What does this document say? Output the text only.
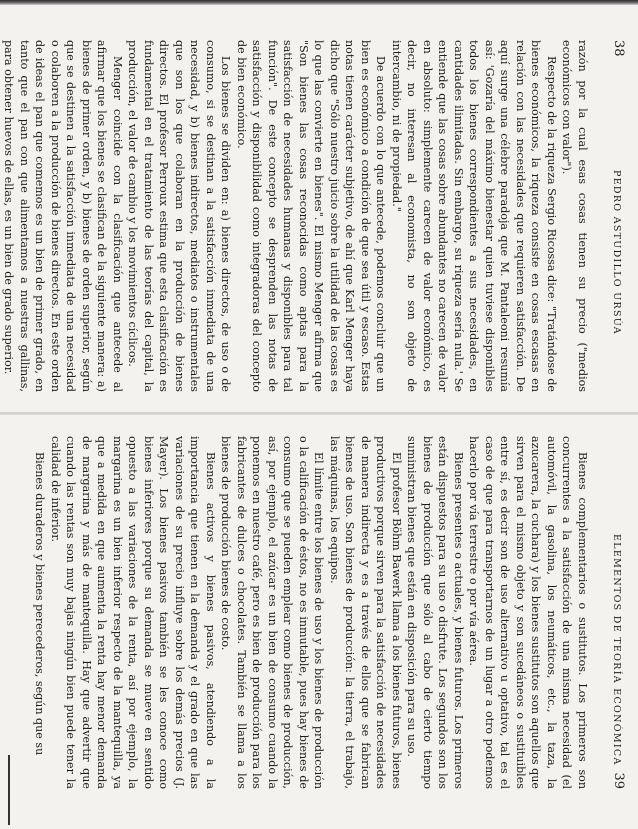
38
PEDRO ASTUDILLO URSÚA

razón por la cual esas cosas tienen su precio ("medios económicos con valor").

Respecto de la riqueza Sergio Ricossa dice: "Tratándose de bienes económicos, la riqueza consiste en cosas escasas en relación con las necesidades que requieren satisfacción. De aquí surge una célebre paradoja que M. Pantaleoni resumía así: 'Gozaría del máximo bienestar quien tuviese disponibles todos los bienes correspondientes a sus necesidades, en cantidades ilimitadas. Sin embargo, su riqueza sería nula.' Se entiende que las cosas sobre abundantes no carecen de valor en absoluto: simplemente carecen de valor económico, es decir, no interesan al economista, no son objeto de intercambio, ni de propiedad."

De acuerdo con lo que antecede, podemos concluir que un bien es económico a condición de que sea útil y escaso. Estas notas tienen carácter subjetivo, de ahí que Karl Menger haya dicho que "Sólo nuestro juicio sobre la utilidad de las cosas es lo que las convierte en bienes". El mismo Menger afirma que "Son bienes las cosas reconocidas como aptas para la satisfacción de necesidades humanas y disponibles para tal función". De este concepto se desprenden las notas de satisfacción y disponibilidad como integradoras del concepto de bien económico.

Los bienes se dividen en: a) bienes directos, de uso o de consumo, si se destinan a la satisfacción inmediata de una necesidad, y b) bienes indirectos, mediatos o instrumentales que son los que colaboran en la producción de bienes directos. El profesor Perroux estima que esta clasificación es fundamental en el tratamiento de las teorías del capital, la producción, el valor de cambio y los movimientos cíclicos.

Menger coincide con la clasificación que antecede al afirmar que los bienes se clasifican de la siguiente manera: a) bienes de primer orden, y b) bienes de orden superior, según que se destinen a la satisfacción inmediata de una necesidad o colaboren a la producción de bienes directos. En este orden de ideas el pan que comemos es un bien de primer grado, en tanto que el pan con que alimentamos a nuestras gallinas, para obtener huevos de ellas, es un bien de grado superior.

39
ELEMENTOS DE TEORÍA ECONÓMICA

Bienes complementarios o sustitutos. Los primeros son concurrentes a la satisfacción de una misma necesidad (el automóvil, la gasolina, los neumáticos, etc., la taza, la azucarera, la cuchara) y los bienes sustitutos son aquellos que sirven para el mismo objeto y son sucedáneos o sustituibles entre sí, es decir son de uso alternativo u optativo, tal es el caso de que para transportarnos de un lugar a otro podemos hacerlo por vía terrestre o por vía aérea.

Bienes presentes o actuales, y bienes futuros. Los primeros están dispuestos para su uso o disfrute. Los segundos son los bienes de producción que sólo al cabo de cierto tiempo suministran bienes que están en disposición para su uso.

El profesor Böhm Bawerk llama a los bienes futuros, bienes productivos porque sirven para la satisfacción de necesidades de manera indirecta y es a través de ellos que se fabrican bienes de uso. Son bienes de producción: la tierra, el trabajo, las máquinas, los equipos.

El límite entre los bienes de uso y los bienes de producción o la calificación de éstos, no es inmutable, pues hay bienes de consumo que se pueden emplear como bienes de producción, así, por ejemplo, el azúcar es un bien de consumo cuando la ponemos en nuestro café, pero es bien de producción para los fabricantes de dulces o chocolates. También se llama a los bienes de producción bienes de costo.

Bienes activos y bienes pasivos, atendiendo a la importancia que tienen en la demanda y el grado en que las variaciones de su precio influye sobre los demás precios (J. Mayer). Los bienes pasivos también se les conoce como bienes inferiores porque su demanda se mueve en sentido opuesto a las variaciones de la renta, así por ejemplo, la margarina es un bien inferior respecto de la mantequilla, ya que a medida en que aumenta la renta hay menor demanda de margarina y más de mantequilla. Hay que advertir que cuando las rentas son muy bajas ningún bien puede tener la calidad de inferior.

Bienes duraderos y bienes perecederos, según que su
